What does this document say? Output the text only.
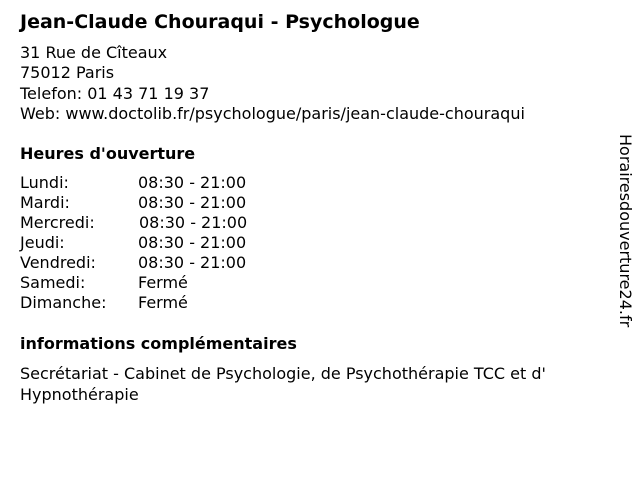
Jean-Claude Chouraqui - Psychologue
31 Rue de Cîteaux
75012 Paris
Telefon: 01 43 71 19 37
Web: www.doctolib.fr/psychologue/paris/jean-claude-chouraqui
Heures d'ouverture
Lundi:	08:30 - 21:00
Mardi:	08:30 - 21:00
Mercredi:	08:30 - 21:00
Jeudi:	08:30 - 21:00
Vendredi:	08:30 - 21:00
Samedi:	Fermé
Dimanche: Fermé
informations complémentaires
Secrétariat - Cabinet de Psychologie, de Psychothérapie TCC et d' Hypnothérapie
Horairesdouverture24.fr
